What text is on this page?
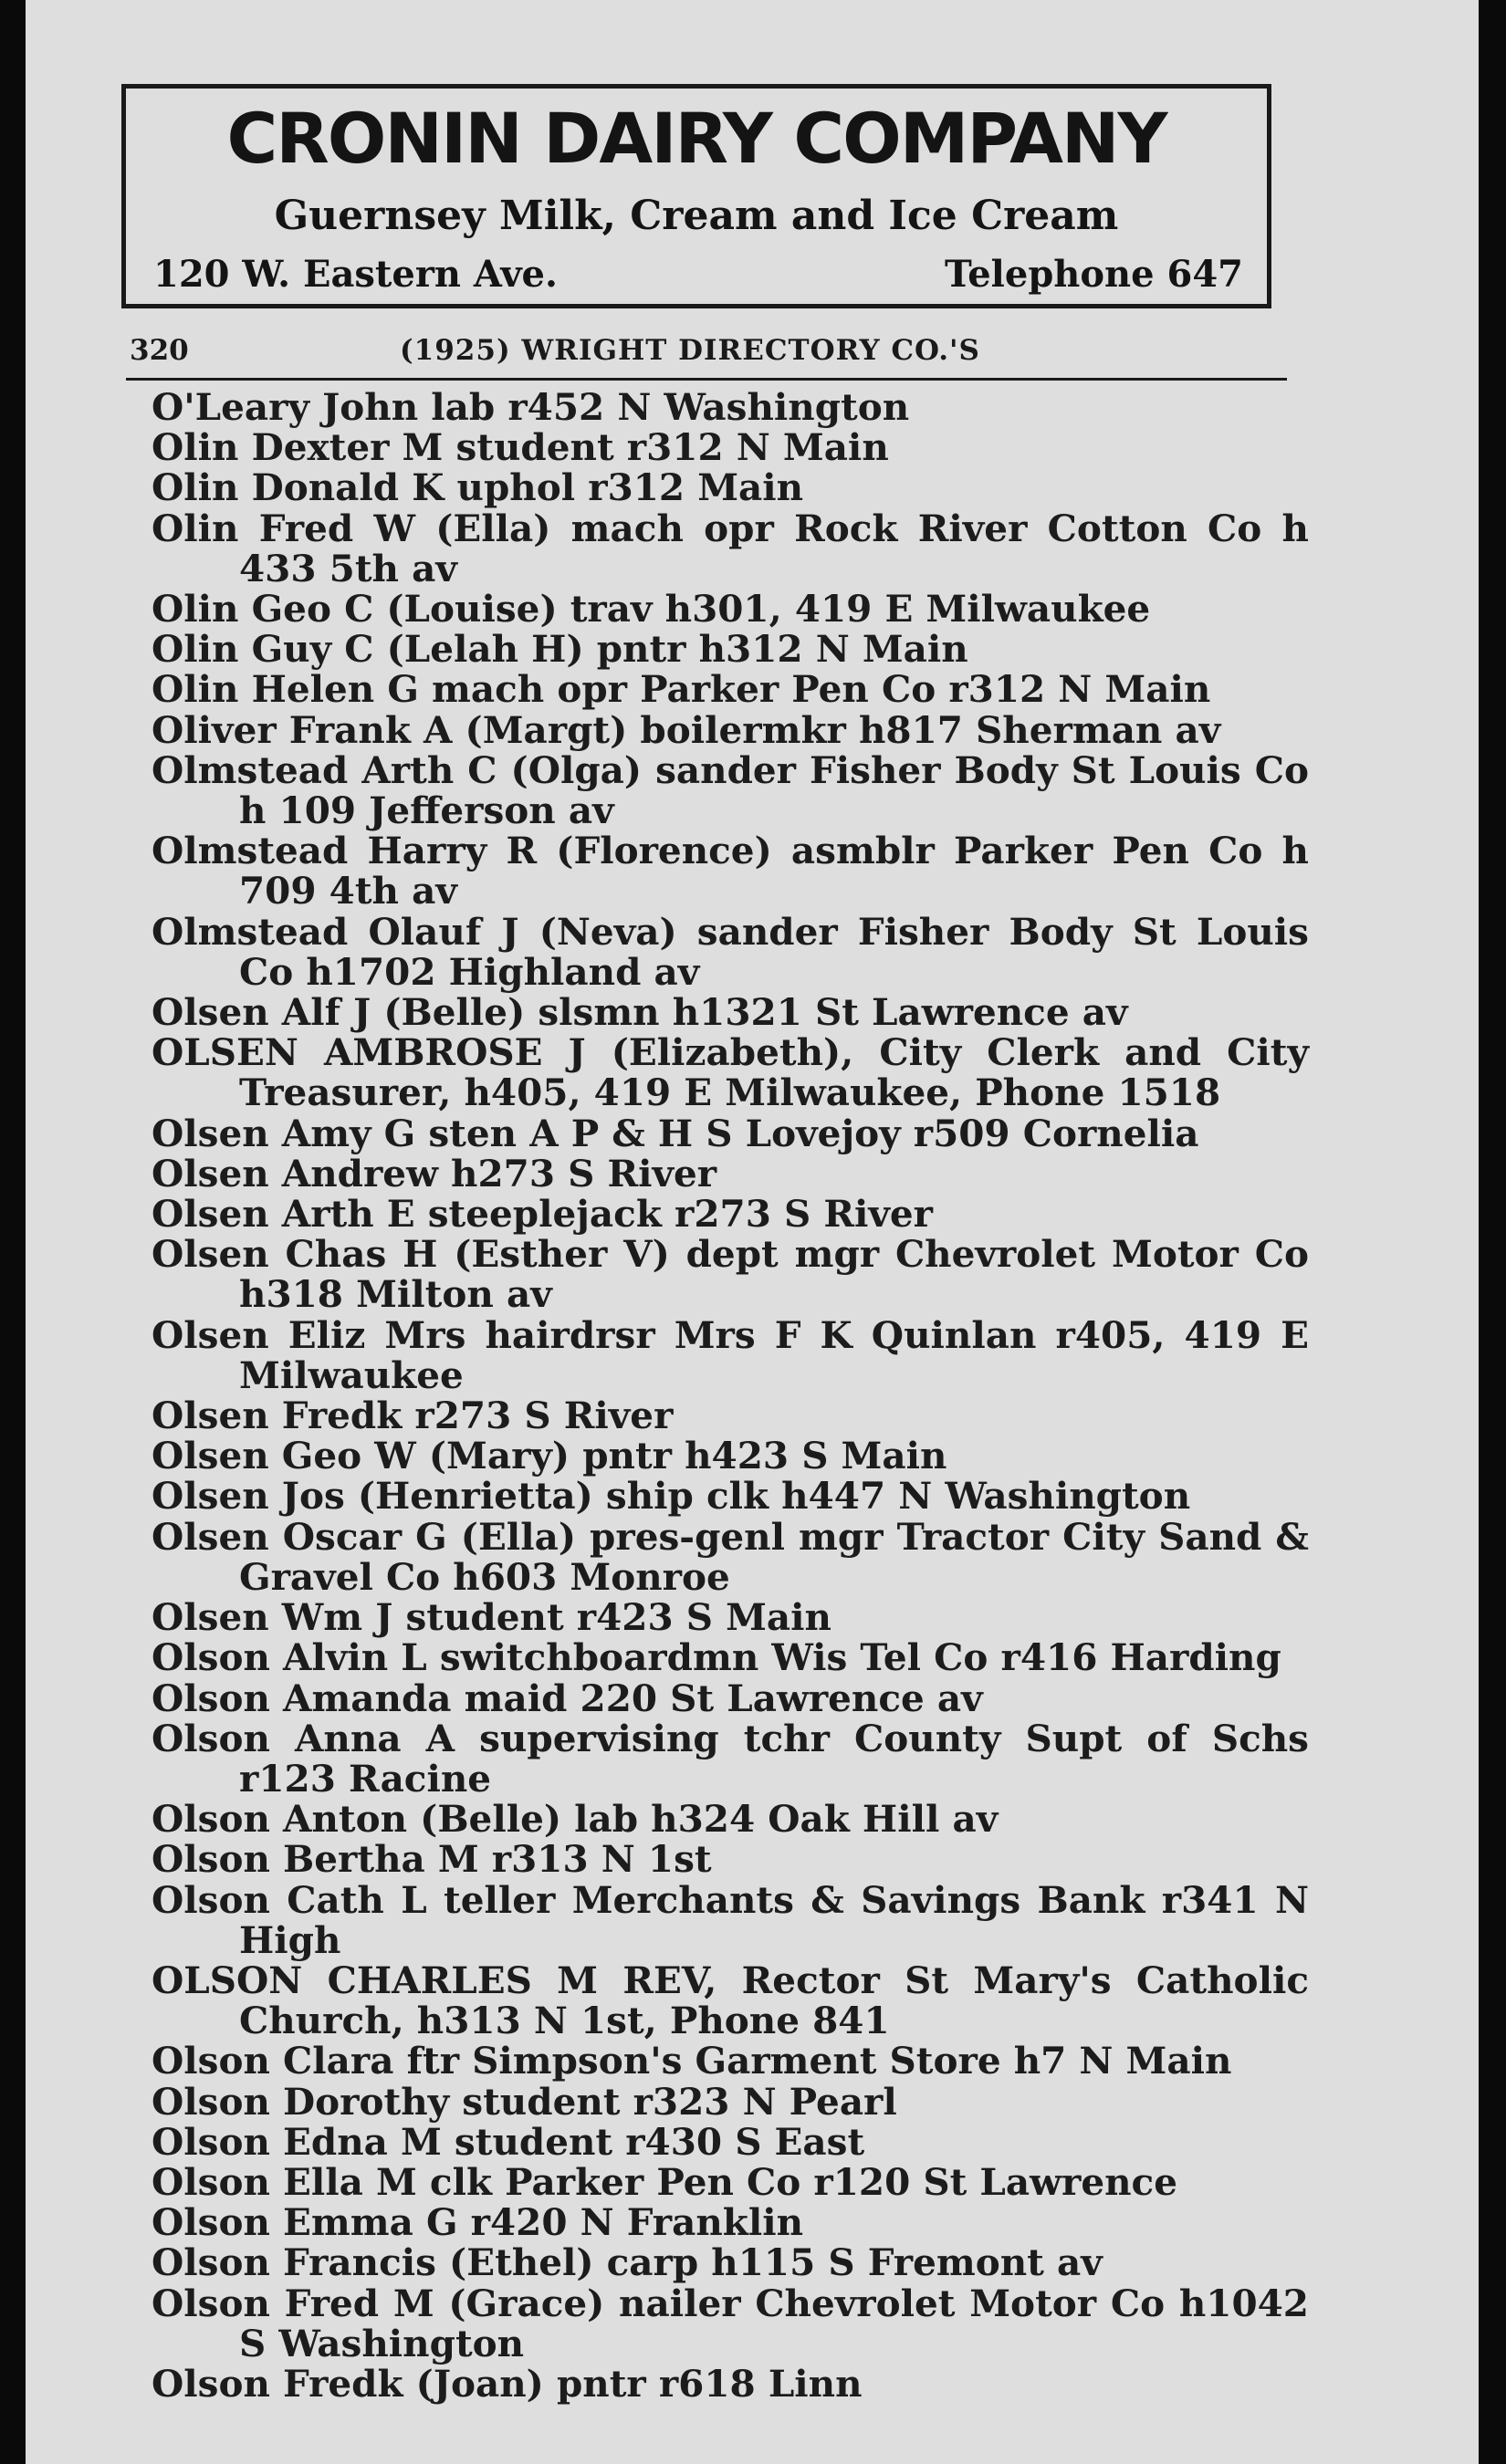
CRONIN DAIRY COMPANY
Guernsey Milk, Cream and Ice Cream
120 W. Eastern Ave.	Telephone 647
320	(1925) WRIGHT DIRECTORY CO.'S

O'Leary John lab r452 N Washington

Olin Dexter M student r312 N Main

Olin Donald K uphol r312 Main

Olin Fred W (Ella) mach opr Rock River Cotton Co h 433 5th av

Olin Geo C (Louise) trav h301, 419 E Milwaukee

Olin Guy C (Lelah H) pntr h312 N Main

Olin Helen G mach opr Parker Pen Co r312 N Main

Oliver Frank A (Margt) boilermkr h817 Sherman av

Olmstead Arth C (Olga) sander Fisher Body St Louis Co h 109 Jefferson av

Olmstead Harry R (Florence) asmblr Parker Pen Co h 709 4th av

Olmstead Olauf J (Neva) sander Fisher Body St Louis Co h1702 Highland av

Olsen Alf J (Belle) slsmn h1321 St Lawrence av

OLSEN AMBROSE J (Elizabeth), City Clerk and City Treasurer, h405, 419 E Milwaukee, Phone 1518

Olsen Amy G sten A P & H S Lovejoy r509 Cornelia

Olsen Andrew h273 S River

Olsen Arth E steeplejack r273 S River

Olsen Chas H (Esther V) dept mgr Chevrolet Motor Co h318 Milton av

Olsen Eliz Mrs hairdrsr Mrs F K Quinlan r405, 419 E Milwaukee

Olsen Fredk r273 S River

Olsen Geo W (Mary) pntr h423 S Main

Olsen Jos (Henrietta) ship clk h447 N Washington

Olsen Oscar G (Ella) pres-genl mgr Tractor City Sand & Gravel Co h603 Monroe

Olsen Wm J student r423 S Main

Olson Alvin L switchboardmn Wis Tel Co r416 Harding

Olson Amanda maid 220 St Lawrence av

Olson Anna A supervising tchr County Supt of Schs r123 Racine

Olson Anton (Belle) lab h324 Oak Hill av

Olson Bertha M r313 N 1st

Olson Cath L teller Merchants & Savings Bank r341 N High

OLSON CHARLES M REV, Rector St Mary's Catholic Church, h313 N 1st, Phone 841

Olson Clara ftr Simpson's Garment Store h7 N Main

Olson Dorothy student r323 N Pearl

Olson Edna M student r430 S East

Olson Ella M clk Parker Pen Co r120 St Lawrence

Olson Emma G r420 N Franklin

Olson Francis (Ethel) carp h115 S Fremont av

Olson Fred M (Grace) nailer Chevrolet Motor Co h1042 S Washington

Olson Fredk (Joan) pntr r618 Linn
